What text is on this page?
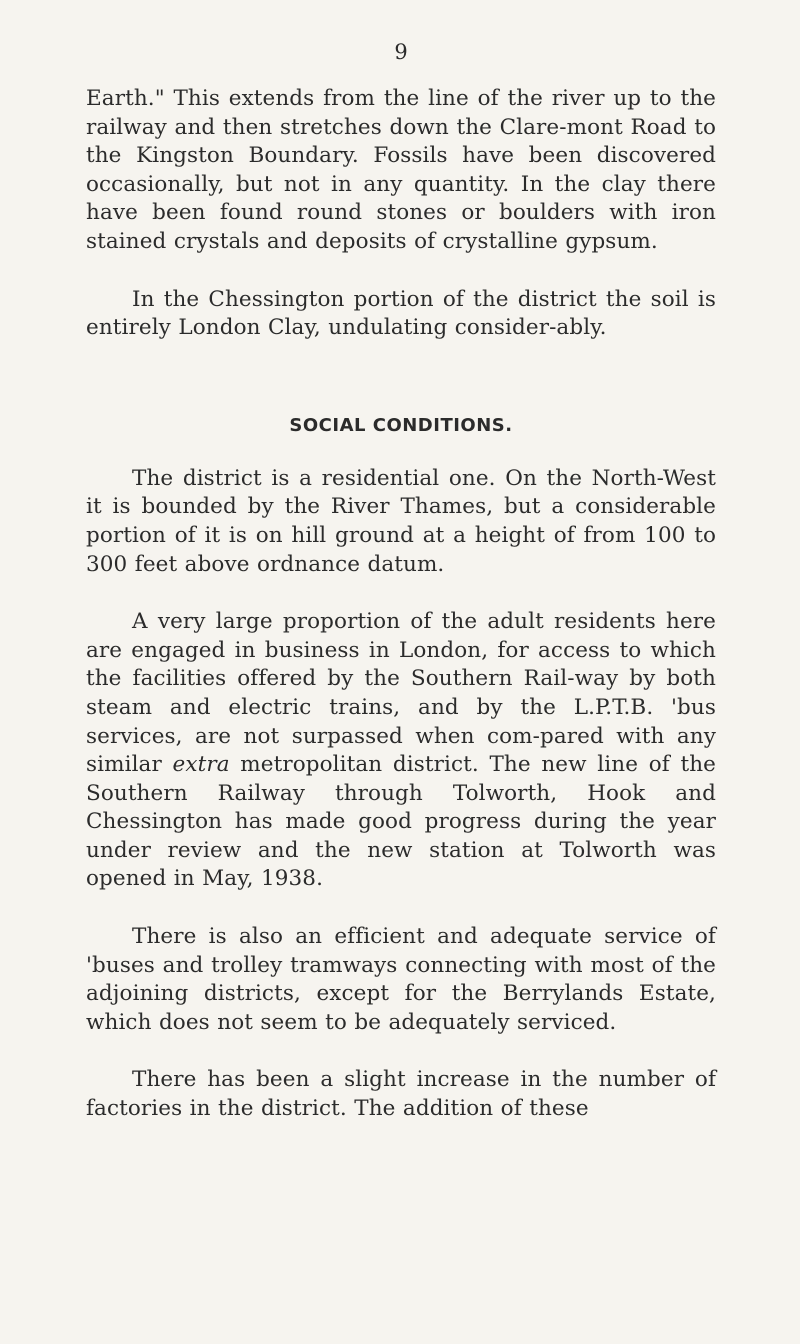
9

Earth." This extends from the line of the river up to the railway and then stretches down the Clare-mont Road to the Kingston Boundary. Fossils have been discovered occasionally, but not in any quantity. In the clay there have been found round stones or boulders with iron stained crystals and deposits of crystalline gypsum.

In the Chessington portion of the district the soil is entirely London Clay, undulating consider-ably.

SOCIAL CONDITIONS.

The district is a residential one. On the North-West it is bounded by the River Thames, but a considerable portion of it is on hill ground at a height of from 100 to 300 feet above ordnance datum.

A very large proportion of the adult residents here are engaged in business in London, for access to which the facilities offered by the Southern Rail-way by both steam and electric trains, and by the L.P.T.B. 'bus services, are not surpassed when com-pared with any similar extra metropolitan district. The new line of the Southern Railway through Tolworth, Hook and Chessington has made good progress during the year under review and the new station at Tolworth was opened in May, 1938.

There is also an efficient and adequate service of 'buses and trolley tramways connecting with most of the adjoining districts, except for the Berrylands Estate, which does not seem to be adequately serviced.

There has been a slight increase in the number of factories in the district. The addition of these
